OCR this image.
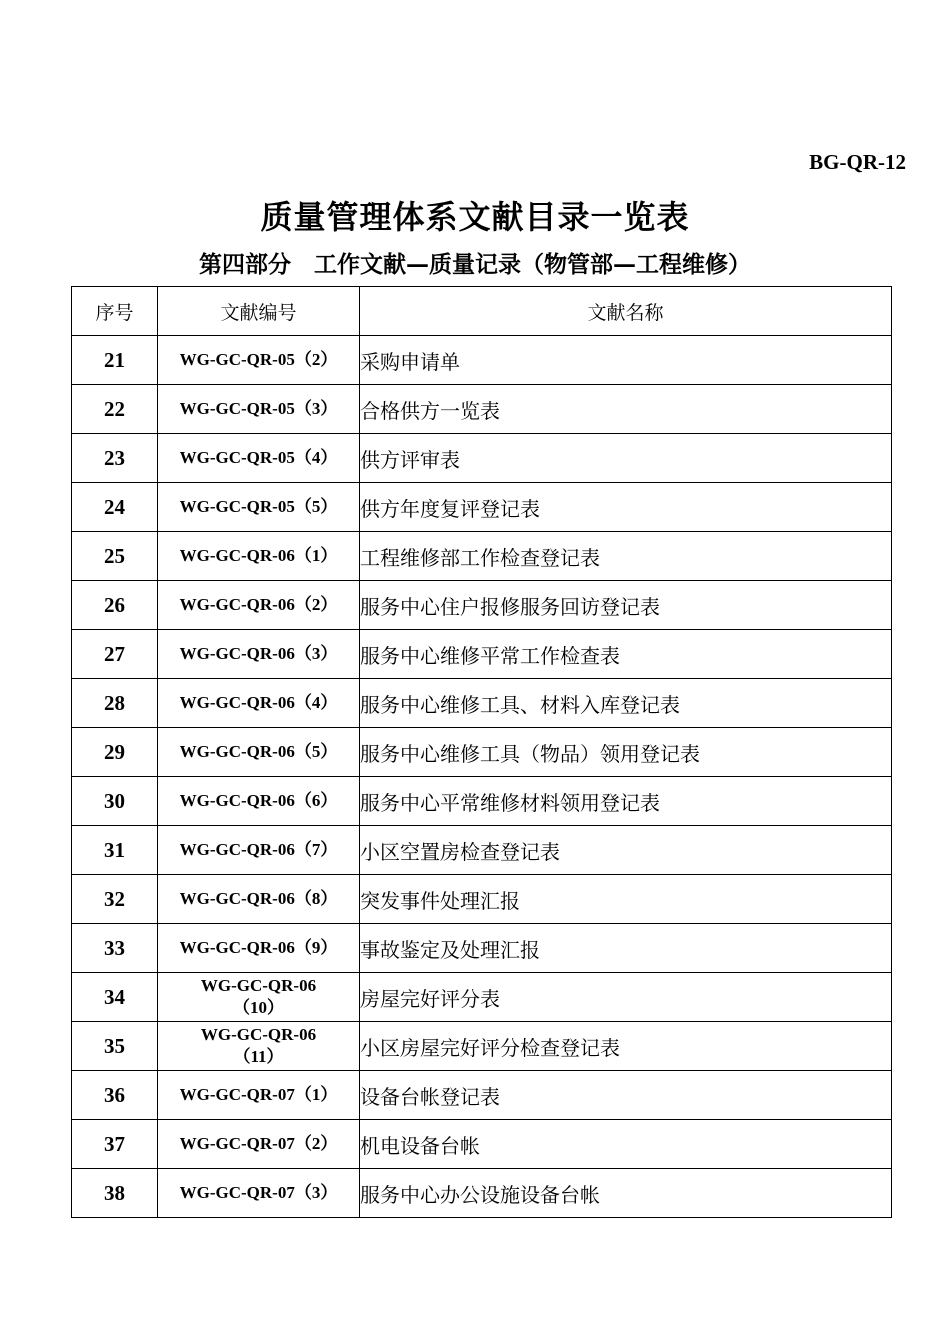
BG-QR-12
质量管理体系文献目录一览表
第四部分　工作文献—质量记录（物管部—工程维修）
序号	文献编号	文献名称
21	WG-GC-QR-05（2）	采购申请单
22	WG-GC-QR-05（3）	合格供方一览表
23	WG-GC-QR-05（4）	供方评审表
24	WG-GC-QR-05（5）	供方年度复评登记表
25	WG-GC-QR-06（1）	工程维修部工作检查登记表
26	WG-GC-QR-06（2）	服务中心住户报修服务回访登记表
27	WG-GC-QR-06（3）	服务中心维修平常工作检查表
28	WG-GC-QR-06（4）	服务中心维修工具、材料入库登记表
29	WG-GC-QR-06（5）	服务中心维修工具（物品）领用登记表
30	WG-GC-QR-06（6）	服务中心平常维修材料领用登记表
31	WG-GC-QR-06（7）	小区空置房检查登记表
32	WG-GC-QR-06（8）	突发事件处理汇报
33	WG-GC-QR-06（9）	事故鉴定及处理汇报
34	WG-GC-QR-06（10）	房屋完好评分表
35	WG-GC-QR-06（11）	小区房屋完好评分检查登记表
36	WG-GC-QR-07（1）	设备台帐登记表
37	WG-GC-QR-07（2）	机电设备台帐
38	WG-GC-QR-07（3）	服务中心办公设施设备台帐
